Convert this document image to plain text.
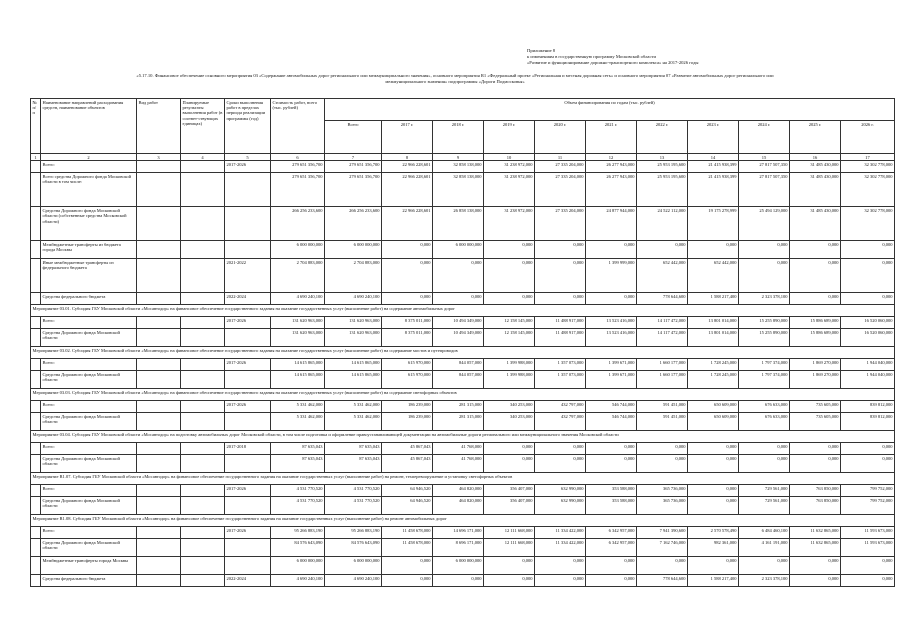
Приложение 8
к изменениям в государственную программу Московской области
«Развитие и функционирование дорожно-транспортного комплекса» на 2017-2026 годы
«5.17.10. Финансовое обеспечение основного мероприятия 03 «Содержание автомобильных дорог регионального или межмуниципального значения», основного мероприятия R1 «Федеральный проект «Региональная и местная дорожная сеть» и основного мероприятия 07 «Развитие автомобильных дорог регионального или
межмуниципального значения» подпрограммы «Дороги Подмосковья»
№ п/п	Наименование направлений расходования средств, наименование объектов	Вид работ	Планируемые результаты выполнения работ (в соответ-ствующих единицах)	Сроки выполнения работ в пределах периода реализации программы (год)	Стоимость работ, всего (тыс. рублей)	Объем финансирования по годам (тыс. рублей)										
						Всего	2017 г.	2018 г.	2019 г.	2020 г.	2021 г.	2022 г.	2023 г.	2024 г.	2025 г.	2026 г.
1	2	3	4	5	6	7	8	9	10	11	12	13	14	15	16	17
	Всего:			2017-2026	279 651 356,700	279 651 356,700	22 966 228,601	32 858 138,000	31 238 972,000	27 335 204,000	26 277 943,000	25 953 195,600	21 415 938,399	27 817 507,350	31 485 430,000	32 302 778,000
	Всего средства Дорожного фонда Московской области в том числе:				279 651 356,700	279 651 356,700	22 966 228,601	32 858 138,000	31 238 972,000	27 335 204,000	26 277 943,000	25 953 195,600	21 415 938,399	27 817 507,350	31 485 430,000	32 302 778,000
	Средства Дорожного фонда Московской области (собственные средства Московской области)				266 256 233,600	266 256 233,600	22 966 228,601	26 858 138,000	31 238 972,000	27 335 204,000	24 877 944,000	24 522 112,000	19 175 278,999	25 494 129,000	31 485 430,000	32 302 778,000
	Межбюджетные трансферты из бюджета города Москвы				6 000 000,000	6 000 000,000	0,000	6 000 000,000	0,000	0,000	0,000	0,000	0,000	0,000	0,000	0,000
	Иные межбюджетные трансферты из федерального бюджета			2021-2022	2 704 883,000	2 704 883,000	0,000	0,000	0,000	0,000	1 399 999,000	652 442,000	652 442,000	0,000	0,000	0,000
	Средства федерального бюджета			2022-2024	4 690 240,100	4 690 240,100	0,000	0,000	0,000	0,000	0,000	778 644,600	1 588 217,400	2 323 378,100	0,000	0,000
Мероприятие 03.01. Субсидия ГБУ Московской области «Мосавтодор» на финансовое обеспечение государственного задания на оказание государственных услуг (выполнение работ) на содержание автомобильных дорог																
	Всего:			2017-2026	131 620 963,000	131 620 963,000	8 375 011,000	10 494 349,000	12 158 145,000	11 488 917,000	13 523 416,000	14 117 472,000	13 801 014,000	15 255 890,000	15 886 689,000	16 520 060,000
	Средства Дорожного фонда Московской области				131 620 963,000	131 620 963,000	8 375 011,000	10 494 349,000	12 158 145,000	11 488 917,000	13 523 416,000	14 117 472,000	13 801 014,000	15 255 890,000	15 886 689,000	16 520 060,000
Мероприятие 03.02. Субсидия ГБУ Московской области «Мосавтодор» на финансовое обеспечение государственного задания на оказание государственных услуг (выполнение работ) на содержание мостов и путепроводов																
	Всего:			2017-2026	14 615 865,000	14 615 865,000	615 970,000	844 057,000	1 399 988,000	1 357 073,000	1 399 671,000	1 660 177,000	1 728 245,000	1 797 374,000	1 869 270,000	1 944 040,000
	Средства Дорожного фонда Московской области				14 615 865,000	14 615 865,000	615 970,000	844 057,000	1 399 988,000	1 357 073,000	1 399 671,000	1 660 177,000	1 728 245,000	1 797 374,000	1 869 270,000	1 944 040,000
Мероприятие 03.03. Субсидия ГБУ Московской области «Мосавтодор» на финансовое обеспечение государственного задания на оказание государственных услуг (выполнение работ) на содержание светофорных объектов																
	Всего:			2017-2026	5 331 462,000	5 331 462,000	186 239,000	281 315,000	340 253,000	432 797,000	546 744,000	591 451,000	650 609,000	676 633,000	735 605,000	839 812,000
	Средства Дорожного фонда Московской области				5 331 462,000	5 331 462,000	186 239,000	281 315,000	340 253,000	432 797,000	546 744,000	591 451,000	650 609,000	676 633,000	735 605,000	839 812,000
Мероприятие 03.04. Субсидия ГБУ Московской области «Мосавтодор» на подготовку автомобильных дорог Московской области, в том числе подготовка и оформление правоустанавливающей документации на автомобильные дороги регионального или межмуниципального значения Московской области																
	Всего:			2017-2018	87 635,043	87 635,043	45 867,043	41 768,000	0,000	0,000	0,000	0,000	0,000	0,000	0,000	0,000
	Средства Дорожного фонда Московской области				87 635,043	87 635,043	45 867,043	41 768,000	0,000	0,000	0,000	0,000	0,000	0,000	0,000	0,000
Мероприятие R1.07. Субсидия ГБУ Московской области «Мосавтодор» на финансовое обеспечение государственного задания на оказание государственных услуг (выполнение работ) на ремонт, техперевооружение и установку светофорных объектов																
	Всего:			2017-2026	4 531 770,520	4 531 770,520	64 946,520	464 820,000	356 407,000	632 990,000	353 588,000	365 736,000	0,000	729 561,000	763 850,000	799 752,000
	Средства Дорожного фонда Московской области				4 531 770,520	4 531 770,520	64 946,520	464 820,000	356 407,000	632 990,000	353 588,000	365 736,000	0,000	729 561,000	763 850,000	799 752,000
Мероприятие R1.08. Субсидия ГБУ Московской области «Мосавтодор» на финансовое обеспечение государственного задания на оказание государственных услуг (выполнение работ) на ремонт автомобильных дорог																
	Всего:			2017-2026	95 266 883,190	95 266 883,190	11 458 678,000	14 696 171,000	12 111 668,000	11 334 422,000	6 342 957,000	7 941 390,600	2 570 578,490	6 484 460,100	11 632 865,000	11 593 673,000
	Средства Дорожного фонда Московской области				84 576 643,090	84 576 643,090	11 458 678,000	8 696 171,000	12 111 668,000	11 334 422,000	6 342 957,000	7 162 746,000	982 361,000	4 161 191,000	11 632 865,000	11 593 673,000
	Межбюджетные трансферты города Москвы				6 000 000,000	6 000 000,000	0,000	6 000 000,000	0,000	0,000	0,000	0,000	0,000	0,000	0,000	0,000
	Средства федерального бюджета			2022-2024	4 690 240,100	4 690 240,100	0,000	0,000	0,000	0,000	0,000	778 644,600	1 588 217,400	2 323 378,100	0,000	0,000
